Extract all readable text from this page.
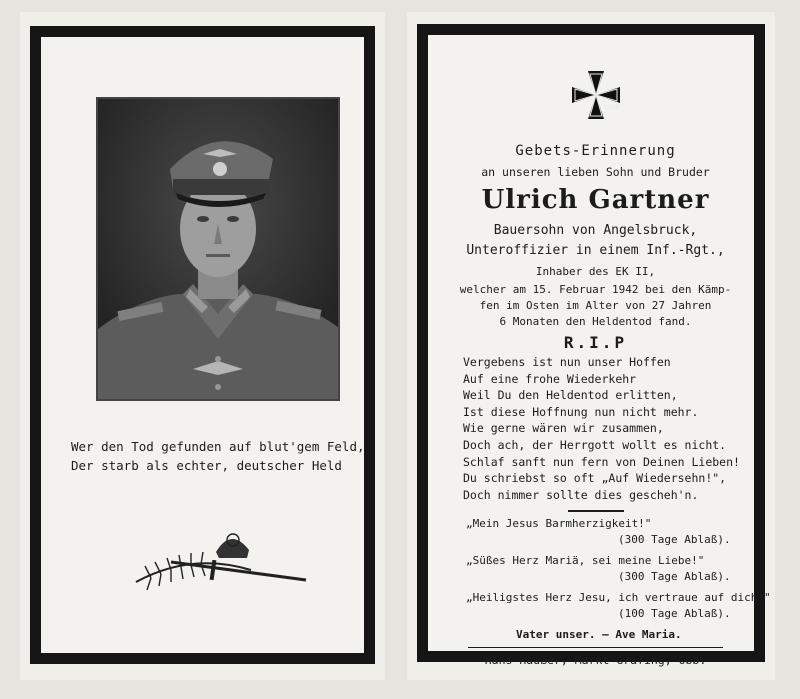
Wer den Tod gefunden auf blut'gem Feld,
Der starb als echter, deutscher Held
1939
Gebets-Erinnerung
an unseren lieben Sohn und Bruder
Ulrich Gartner
Bauersohn von Angelsbruck,
Unteroffizier in einem Inf.-Rgt.,
Inhaber des EK II,
welcher am 15. Februar 1942 bei den Kämp-
fen im Osten im Alter von 27 Jahren
6 Monaten den Heldentod fand.
R.I.P
Vergebens ist nun unser Hoffen
Auf eine frohe Wiederkehr
Weil Du den Heldentod erlitten,
Ist diese Hoffnung nun nicht mehr.
Wie gerne wären wir zusammen,
Doch ach, der Herrgott wollt es nicht.
Schlaf sanft nun fern von Deinen Lieben!
Du schriebst so oft „Auf Wiedersehn!",
Doch nimmer sollte dies gescheh'n.
„Mein Jesus Barmherzigkeit!"
(300 Tage Ablaß).
„Süßes Herz Mariä, sei meine Liebe!"
(300 Tage Ablaß).
„Heiligstes Herz Jesu, ich vertraue auf dich!"
(100 Tage Ablaß).
Vater unser. — Ave Maria.
Hans Haußer, Markt Grafing, Obb.
